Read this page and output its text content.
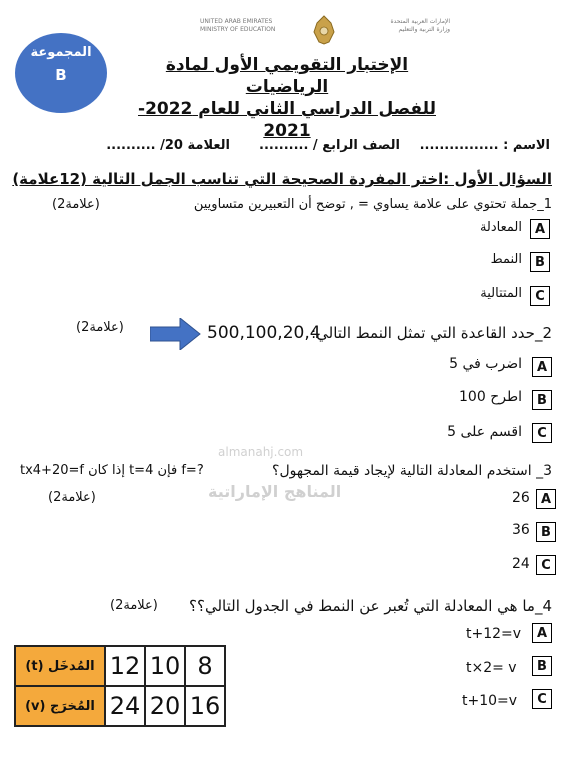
المجموعة
B
UNITED ARAB EMIRATES
MINISTRY OF EDUCATION
الإمارات العربية المتحدة
وزارة التربية والتعليم
الإختبار التقويمي الأول لمادة الرياضيات
للفصل الدراسي الثاني للعام 2022-2021
الاسم : ................
الصف الرابع / ..........
العلامة 20/ ..........
السؤال الأول :اختر المفردة الصحيحة التي تناسب الجمل التالية (12علامة)
1_جملة تحتوي على علامة يساوي = , توضح أن التعبيرين متساويين
(2علامة)
A
المعادلة
B
النمط
C
المتتالية
(2علامة)	500,100,20,4
2_حدد القاعدة التي تمثل النمط التالي:
A
اضرب في 5
B
اطرح 100
C
اقسم على 5
almanahj.com
المناهج الإماراتية
3_ استخدم المعادلة التالية لإيجاد قيمة المجهول؟
tx4+20=f إذا كان t=4 فإن f=?
(2علامة)	A
26
B
36
C
24
4_ما هي المعادلة التي تُعبر عن النمط في الجدول التالي؟؟
(2علامة)
A
t+12=v
B
t×2= v
C
t+10=v
المُدخَل (t)	12	10	8
المُخرَج (v)	24	20	16
